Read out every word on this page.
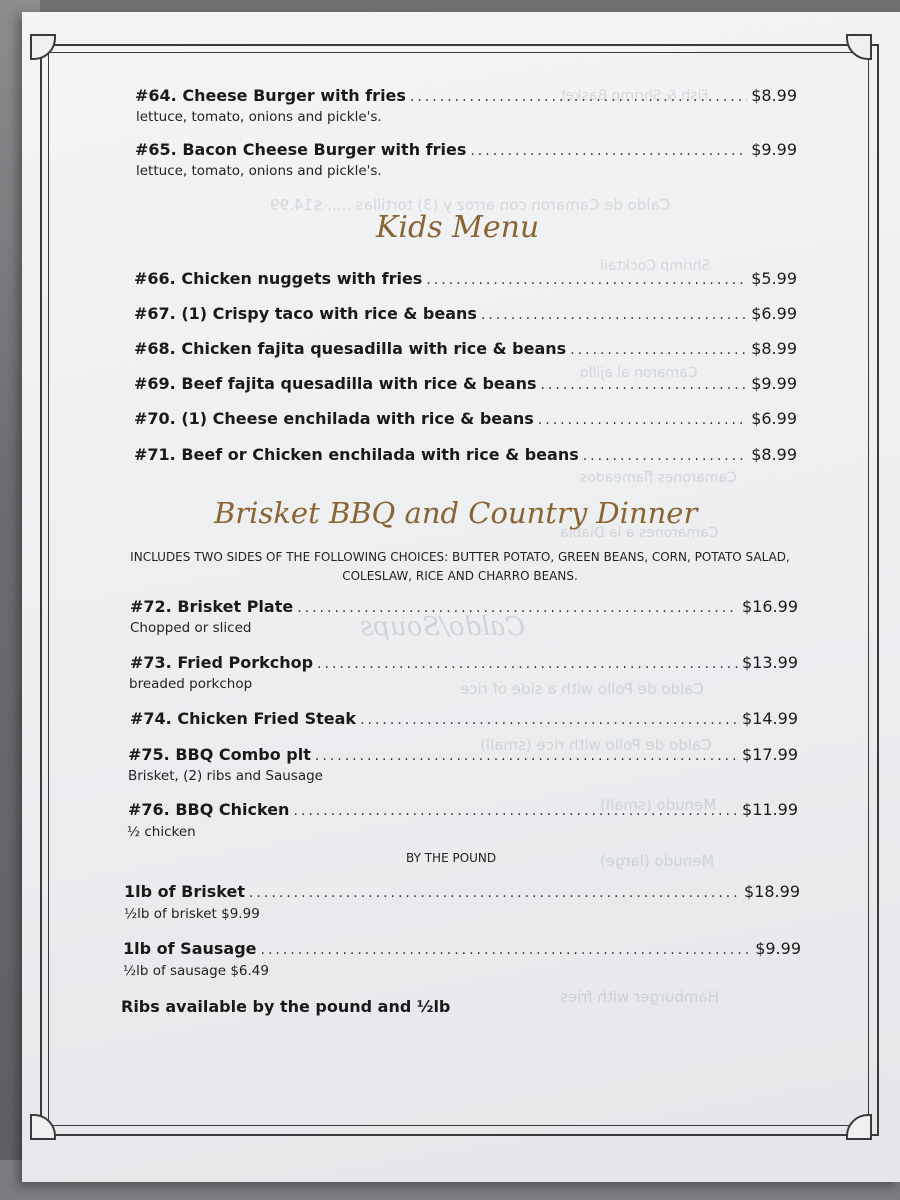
Fish & Shrimp Basket
Caldo de Camaron con arroz y (3) tortillas ..... $14.99
Shrimp Cocktail
Camaron al ajillo
Camarones flameados
Camarones a la Diabla
Caldo/Soups
Caldo de Pollo with a side of rice
Caldo de Pollo with rice (small)
Menudo (small)
Menudo (large)
Hamburger with fries
#64. Cheese Burger with fries .....	$8.99
lettuce, tomato, onions and pickle's.
#65. Bacon Cheese Burger with fries .....	$9.99
lettuce, tomato, onions and pickle's.
Kids Menu
#66. Chicken nuggets with fries .....	$5.99
#67. (1) Crispy taco with rice & beans .....	$6.99
#68. Chicken fajita quesadilla with rice & beans .....	$8.99
#69. Beef fajita quesadilla with rice & beans .....	$9.99
#70. (1) Cheese enchilada with rice & beans .....	$6.99
#71. Beef or Chicken enchilada with rice & beans .....	$8.99
Brisket BBQ and Country Dinner
INCLUDES TWO SIDES OF THE FOLLOWING CHOICES: BUTTER POTATO, GREEN BEANS, CORN, POTATO SALAD,
COLESLAW, RICE AND CHARRO BEANS.
#72. Brisket Plate .....	$16.99
Chopped or sliced
#73. Fried Porkchop .....	$13.99
breaded porkchop
#74. Chicken Fried Steak .....	$14.99
#75. BBQ Combo plt .....	$17.99
Brisket, (2) ribs and Sausage
#76. BBQ Chicken .....	$11.99
½ chicken
BY THE POUND
1lb of Brisket .....	$18.99
½lb of brisket $9.99
1lb of Sausage .....	$9.99
½lb of sausage $6.49
Ribs available by the pound and ½lb
